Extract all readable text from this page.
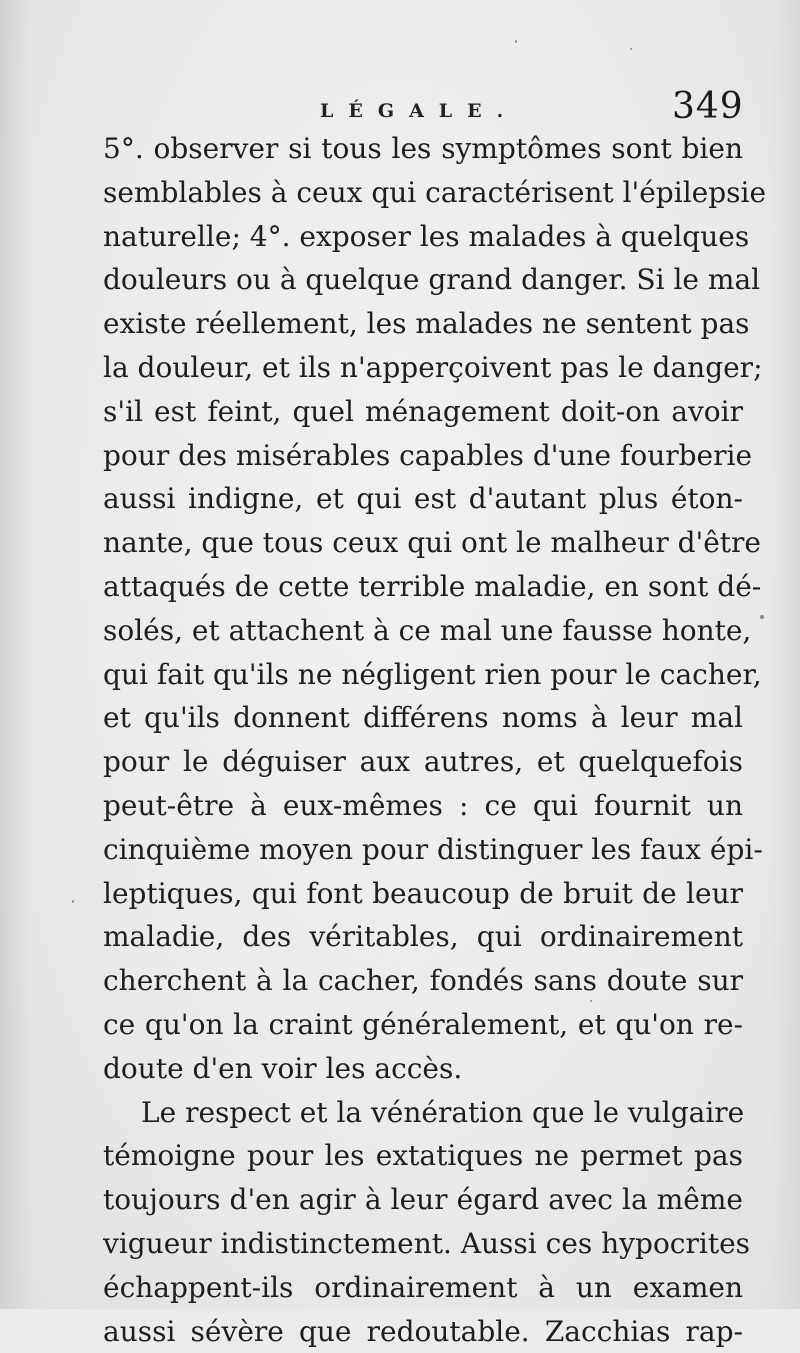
LÉGALE.	349
5°. observer si tous les symptômes sont bien
semblables à ceux qui caractérisent l'épilepsie
naturelle; 4°. exposer les malades à quelques
douleurs ou à quelque grand danger. Si le mal
existe réellement, les malades ne sentent pas
la douleur, et ils n'apperçoivent pas le danger;
s'il est feint, quel ménagement doit-on avoir
pour des misérables capables d'une fourberie
aussi indigne, et qui est d'autant plus éton-
nante, que tous ceux qui ont le malheur d'être
attaqués de cette terrible maladie, en sont dé-
solés, et attachent à ce mal une fausse honte,
qui fait qu'ils ne négligent rien pour le cacher,
et qu'ils donnent différens noms à leur mal
pour le déguiser aux autres, et quelquefois
peut-être à eux-mêmes : ce qui fournit un
cinquième moyen pour distinguer les faux épi-
leptiques, qui font beaucoup de bruit de leur
maladie, des véritables, qui ordinairement
cherchent à la cacher, fondés sans doute sur
ce qu'on la craint généralement, et qu'on re-
doute d'en voir les accès.
Le respect et la vénération que le vulgaire
témoigne pour les extatiques ne permet pas
toujours d'en agir à leur égard avec la même
vigueur indistinctement. Aussi ces hypocrites
échappent-ils ordinairement à un examen
aussi sévère que redoutable. Zacchias rap-
